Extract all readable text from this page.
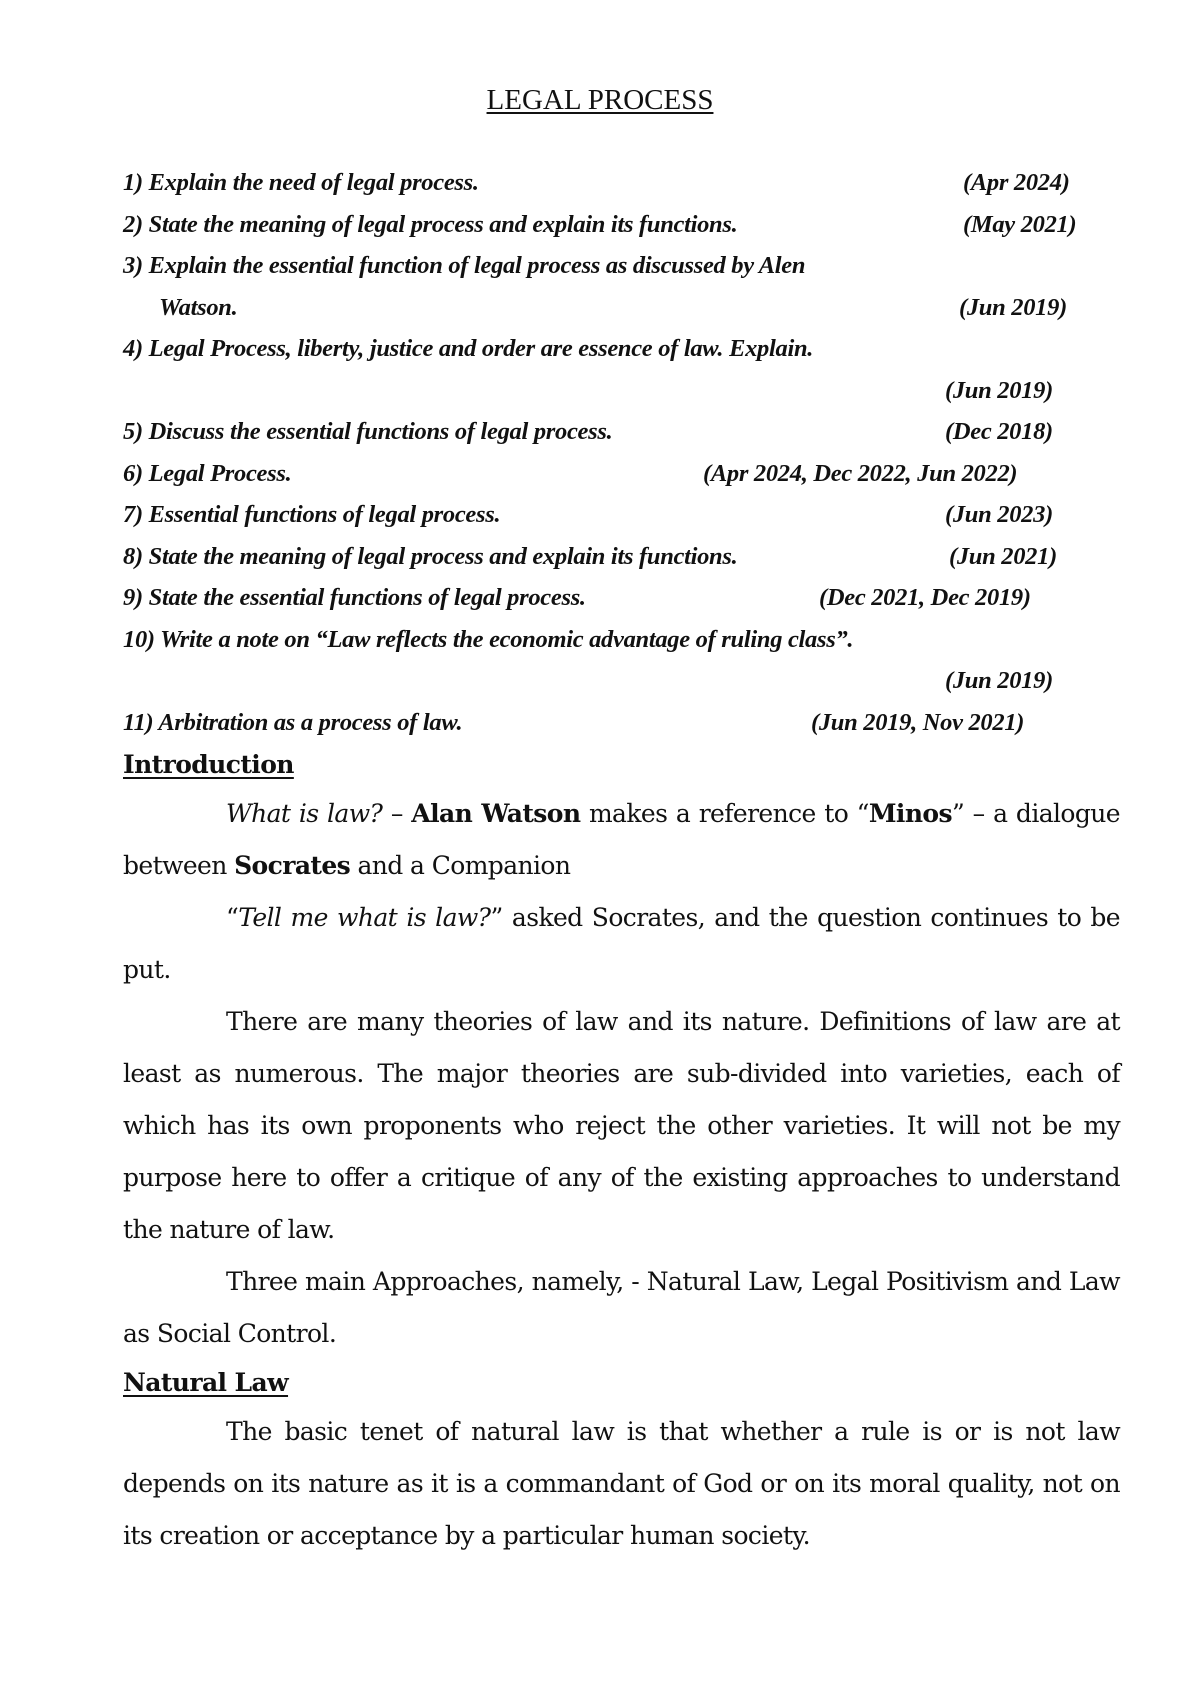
LEGAL PROCESS
1) Explain the need of legal process.	(Apr 2024)
2) State the meaning of legal process and explain its functions.	(May 2021)
3) Explain the essential function of legal process as discussed by Alen
Watson.	(Jun 2019)
4) Legal Process, liberty, justice and order are essence of law. Explain.
(Jun 2019)
5) Discuss the essential functions of legal process.	(Dec 2018)
6) Legal Process.	(Apr 2024, Dec 2022, Jun 2022)
7) Essential functions of legal process.	(Jun 2023)
8) State the meaning of legal process and explain its functions.	(Jun 2021)
9) State the essential functions of legal process.	(Dec 2021, Dec 2019)
10) Write a note on “Law reflects the economic advantage of ruling class”.
(Jun 2019)
11) Arbitration as a process of law.	(Jun 2019, Nov 2021)

Introduction

What is law? – Alan Watson makes a reference to “Minos” – a dialogue between Socrates and a Companion

“Tell me what is law?” asked Socrates, and the question continues to be put.

There are many theories of law and its nature. Definitions of law are at least as numerous. The major theories are sub-divided into varieties, each of which has its own proponents who reject the other varieties. It will not be my purpose here to offer a critique of any of the existing approaches to understand the nature of law.

Three main Approaches, namely, - Natural Law, Legal Positivism and Law as Social Control.

Natural Law

The basic tenet of natural law is that whether a rule is or is not law depends on its nature as it is a commandant of God or on its moral quality, not on its creation or acceptance by a particular human society.
